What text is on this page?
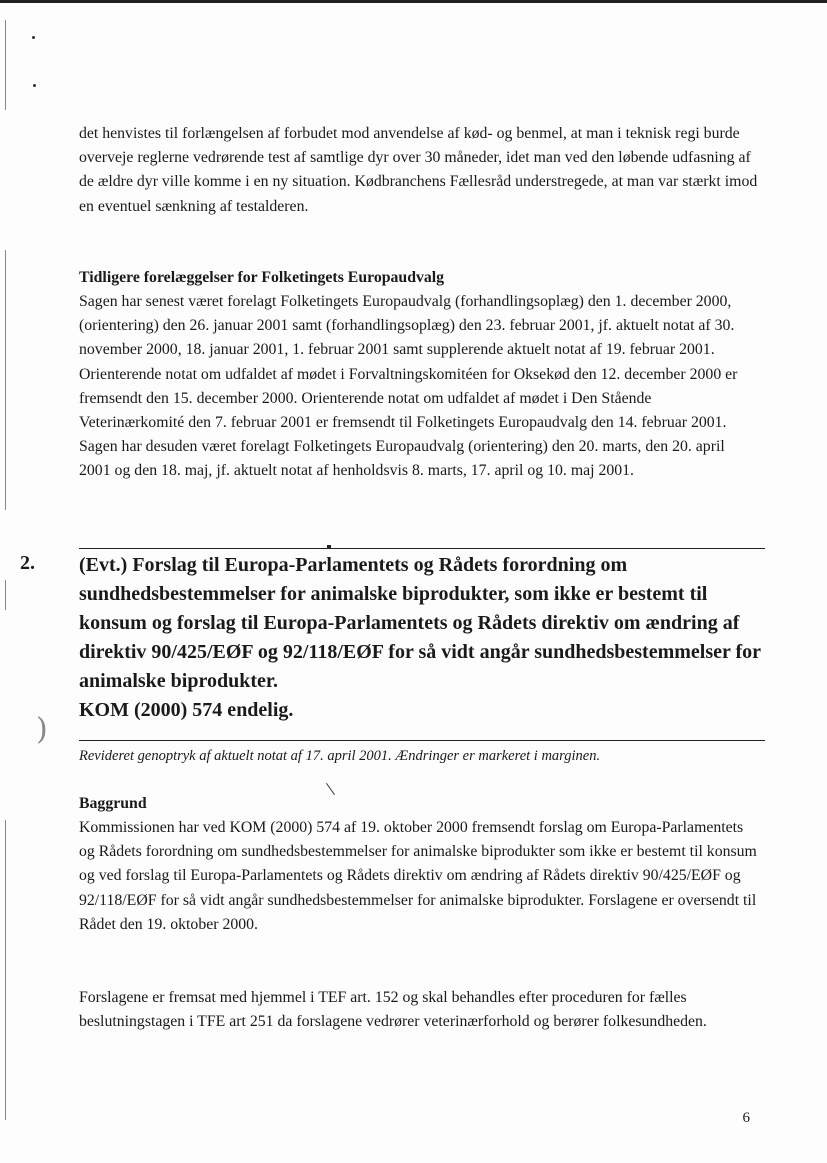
)

det henvistes til forlængelsen af forbudet mod anvendelse af kød- og benmel, at man i teknisk regi burde overveje reglerne vedrørende test af samtlige dyr over 30 måneder, idet man ved den løbende udfasning af de ældre dyr ville komme i en ny situation. Kødbranchens Fællesråd understregede, at man var stærkt imod en eventuel sænkning af testalderen.

Tidligere forelæggelser for Folketingets Europaudvalg

Sagen har senest været forelagt Folketingets Europaudvalg (forhandlingsoplæg) den 1. december 2000, (orientering) den 26. januar 2001 samt (forhandlingsoplæg) den 23. februar 2001, jf. aktuelt notat af 30. november 2000, 18. januar 2001, 1. februar 2001 samt supplerende aktuelt notat af 19. februar 2001. Orienterende notat om udfaldet af mødet i Forvaltningskomitéen for Oksekød den 12. december 2000 er fremsendt den 15. december 2000. Orienterende notat om udfaldet af mødet i Den Stående Veterinærkomité den 7. februar 2001 er fremsendt til Folketingets Europaudvalg den 14. februar 2001. Sagen har desuden været forelagt Folketingets Europaudvalg (orientering) den 20. marts, den 20. april 2001 og den 18. maj, jf. aktuelt notat af henholdsvis 8. marts, 17. april og 10. maj 2001.

2. (Evt.) Forslag til Europa-Parlamentets og Rådets forordning om sundhedsbestemmelser for animalske biprodukter, som ikke er bestemt til konsum og forslag til Europa-Parlamentets og Rådets direktiv om ændring af direktiv 90/425/EØF og 92/118/EØF for så vidt angår sundhedsbestemmelser for animalske biprodukter.
KOM (2000) 574 endelig.

Revideret genoptryk af aktuelt notat af 17. april 2001. Ændringer er markeret i marginen.

Baggrund

Kommissionen har ved KOM (2000) 574 af 19. oktober 2000 fremsendt forslag om Europa-Parlamentets og Rådets forordning om sundhedsbestemmelser for animalske biprodukter som ikke er bestemt til konsum og ved forslag til Europa-Parlamentets og Rådets direktiv om ændring af Rådets direktiv 90/425/EØF og 92/118/EØF for så vidt angår sundhedsbestemmelser for animalske biprodukter. Forslagene er oversendt til Rådet den 19. oktober 2000.

Forslagene er fremsat med hjemmel i TEF art. 152 og skal behandles efter proceduren for fælles beslutningstagen i TFE art 251 da forslagene vedrører veterinærforhold og berører folkesundheden.

6
